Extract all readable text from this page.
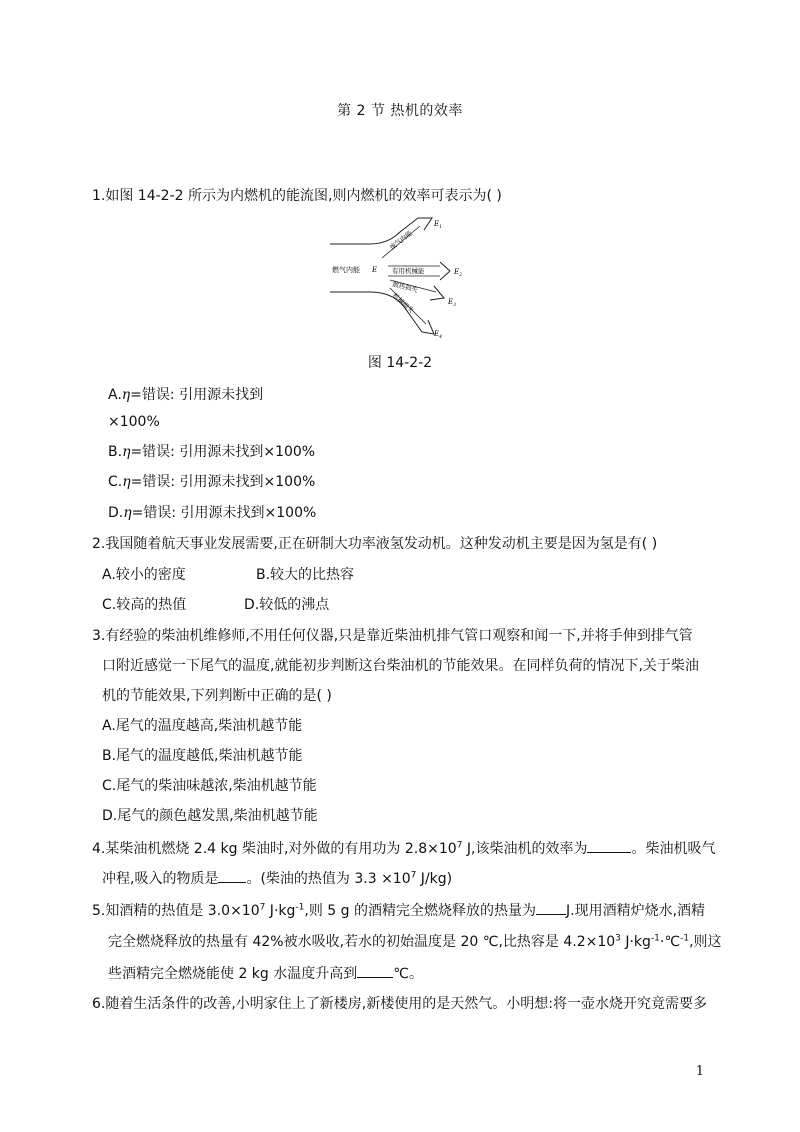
第 2 节 热机的效率
1.如图 14-2-2 所示为内燃机的能流图,则内燃机的效率可表示为( )
燃气内能 E
废气内能
有用机械能
散热损失
机械损失
$E_1$
$E_2$
$E_3$
$E_4$
图 14-2-2
A.η=错误: 引用源未找到
×100%
B.η=错误: 引用源未找到×100%
C.η=错误: 引用源未找到×100%
D.η=错误: 引用源未找到×100%
2.我国随着航天事业发展需要,正在研制大功率液氢发动机。这种发动机主要是因为氢是有( )
A.较小的密度	B.较大的比热容
C.较高的热值	D.较低的沸点
3.有经验的柴油机维修师,不用任何仪器,只是靠近柴油机排气管口观察和闻一下,并将手伸到排气管
口附近感觉一下尾气的温度,就能初步判断这台柴油机的节能效果。在同样负荷的情况下,关于柴油
机的节能效果,下列判断中正确的是( )
A.尾气的温度越高,柴油机越节能
B.尾气的温度越低,柴油机越节能
C.尾气的柴油味越浓,柴油机越节能
D.尾气的颜色越发黑,柴油机越节能
4.某柴油机燃烧 2.4 kg 柴油时,对外做的有用功为 $2.8\times 10^7$ J,该柴油机的效率为	。柴油机吸气
冲程,吸入的物质是 。(柴油的热值为 $3.3 \times 10^7$ J/kg)
5.知酒精的热值是 $3.0\times 10^7$ $J\cdot kg^{-1}$,则 5 g 的酒精完全燃烧释放的热量为 J.现用酒精炉烧水,酒精
完全燃烧释放的热量有 42%被水吸收,若水的初始温度是 20 ℃,比热容是 $4.2\times 10^3$ $J\cdot kg^{-1}\cdot℃^{-1}$,则这
些酒精完全燃烧能使 2 kg 水温度升高到	℃。
6.随着生活条件的改善,小明家住上了新楼房,新楼使用的是天然气。小明想:将一壶水烧开究竟需要多
1
